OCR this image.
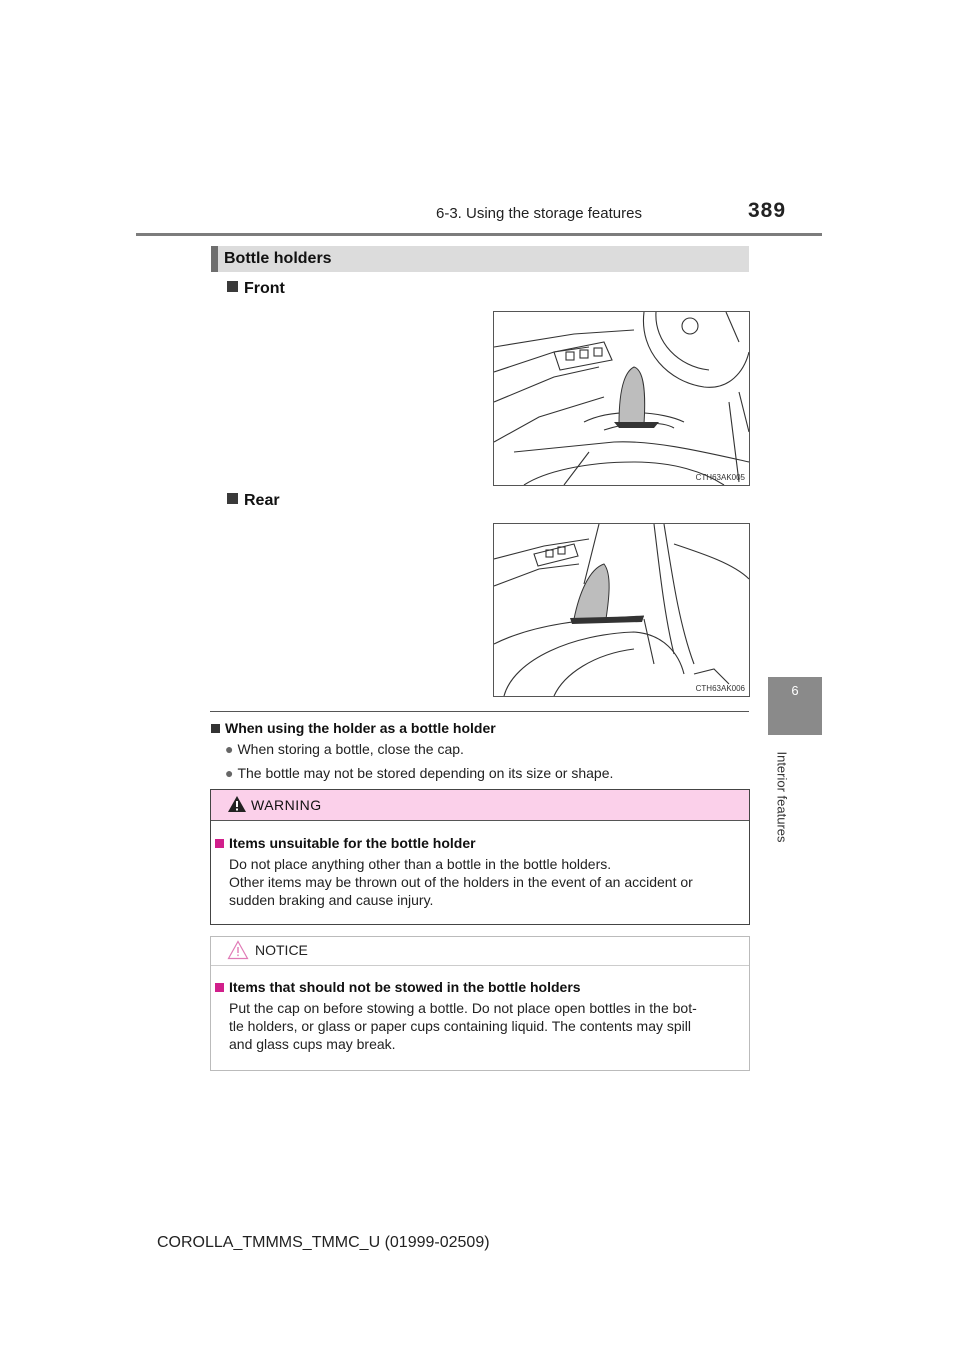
6-3. Using the storage features	389
6
Interior features
Bottle holders
Front
CTH63AK005
Rear
CTH63AK006
When using the holder as a bottle holder
● When storing a bottle, close the cap.
● The bottle may not be stored depending on its size or shape.
WARNING
Items unsuitable for the bottle holder
Do not place anything other than a bottle in the bottle holders.
Other items may be thrown out of the holders in the event of an accident or
sudden braking and cause injury.
NOTICE
Items that should not be stowed in the bottle holders
Put the cap on before stowing a bottle. Do not place open bottles in the bot-
tle holders, or glass or paper cups containing liquid. The contents may spill
and glass cups may break.
COROLLA_TMMMS_TMMC_U (01999-02509)
